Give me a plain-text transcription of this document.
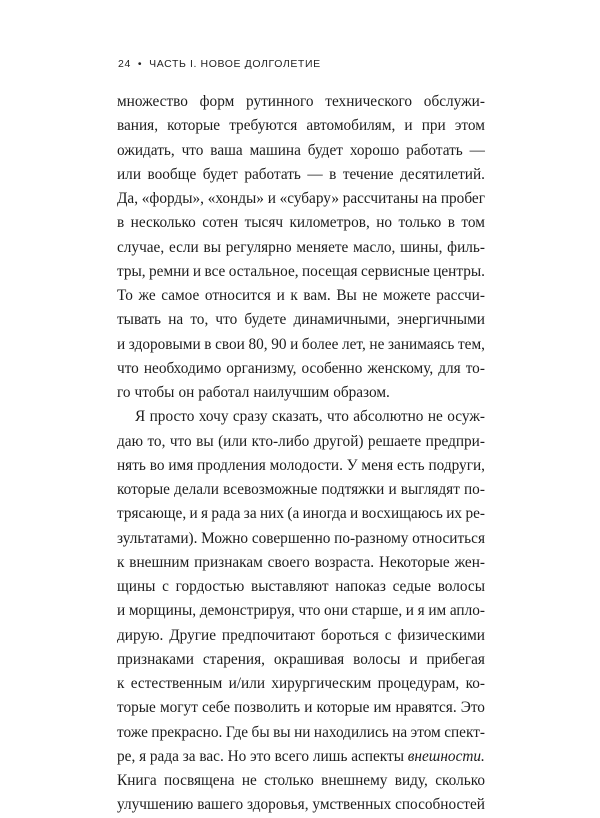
24 • ЧАСТЬ I. НОВОЕ ДОЛГОЛЕТИЕ
множество форм рутинного технического обслужи-
вания, которые требуются автомобилям, и при этом
ожидать, что ваша машина будет хорошо работать —
или вообще будет работать — в течение десятилетий.
Да, «форды», «хонды» и «субару» рассчитаны на пробег
в несколько сотен тысяч километров, но только в том
случае, если вы регулярно меняете масло, шины, филь-
тры, ремни и все остальное, посещая сервисные центры.
То же самое относится и к вам. Вы не можете рассчи-
тывать на то, что будете динамичными, энергичными
и здоровыми в свои 80, 90 и более лет, не занимаясь тем,
что необходимо организму, особенно женскому, для то-
го чтобы он работал наилучшим образом.
Я просто хочу сразу сказать, что абсолютно не осуж-
даю то, что вы (или кто-либо другой) решаете предпри-
нять во имя продления молодости. У меня есть подруги,
которые делали всевозможные подтяжки и выглядят по-
трясающе, и я рада за них (а иногда и восхищаюсь их ре-
зультатами). Можно совершенно по-разному относиться
к внешним признакам своего возраста. Некоторые жен-
щины с гордостью выставляют напоказ седые волосы
и морщины, демонстрируя, что они старше, и я им апло-
дирую. Другие предпочитают бороться с физическими
признаками старения, окрашивая волосы и прибегая
к естественным и/или хирургическим процедурам, ко-
торые могут себе позволить и которые им нравятся. Это
тоже прекрасно. Где бы вы ни находились на этом спект-
ре, я рада за вас. Но это всего лишь аспекты внешности.
Книга посвящена не столько внешнему виду, сколько
улучшению вашего здоровья, умственных способностей
